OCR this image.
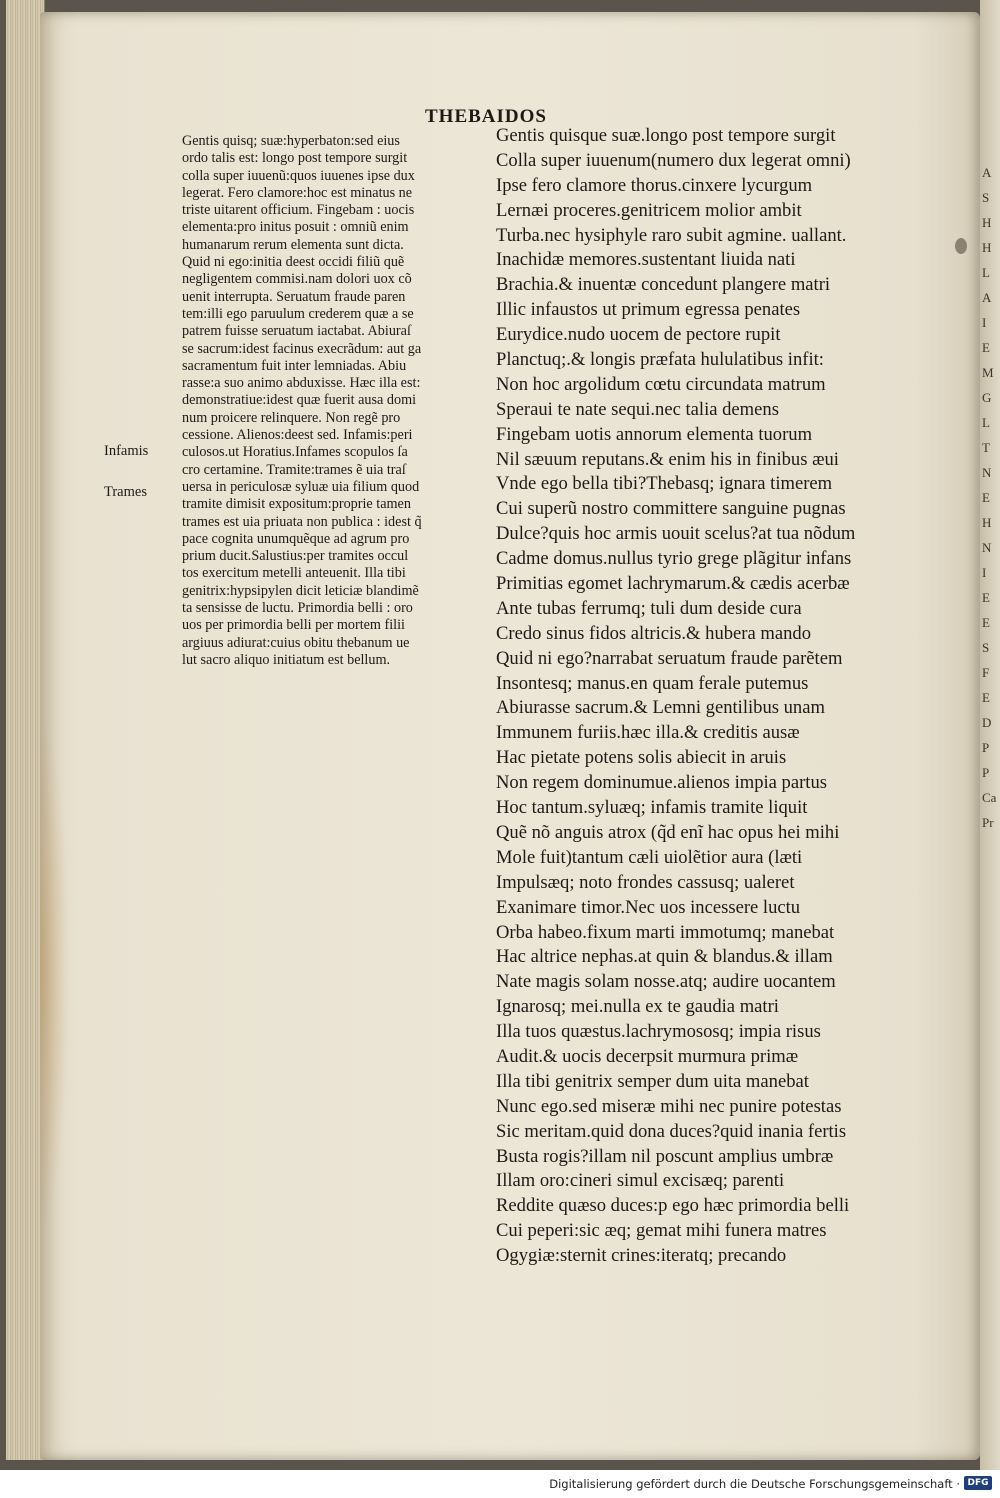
THEBAIDOS
Infamis
Trames
Gentis quisq; suæ:hyperbaton:sed eius
ordo talis est: longo post tempore surgit
colla super iuuenũ:quos iuuenes ipse dux
legerat. Fero clamore:hoc est minatus ne
triste uitarent officium. Fingebam : uocis
elementa:pro initus posuit : omniũ enim
humanarum rerum elementa sunt dicta.
Quid ni ego:initia deest occidi filiũ quẽ
negligentem commisi.nam dolori uox cõ
uenit interrupta. Seruatum fraude paren
tem:illi ego paruulum crederem quæ a se
patrem fuisse seruatum iactabat. Abiuraſ
se sacrum:idest facinus execrãdum: aut ga
sacramentum fuit inter lemniadas. Abiu
rasse:a suo animo abduxisse. Hæc illa est:
demonstratiue:idest quæ fuerit ausa domi
num proicere relinquere. Non regẽ pro
cessione. Alienos:deest sed. Infamis:peri
culosos.ut Horatius.Infames scopulos ſa
cro certamine. Tramite:trames ẽ uia traſ
uersa in periculosæ syluæ uia filium quod
tramite dimisit expositum:proprie tamen
trames est uia priuata non publica : idest q̃
pace cognita unumquẽque ad agrum pro
prium ducit.Salustius:per tramites occul
tos exercitum metelli anteuenit. Illa tibi
genitrix:hypsipylen dicit leticiæ blandimẽ
ta sensisse de luctu. Primordia belli : oro
uos per primordia belli per mortem filii
argiuus adiurat:cuius obitu thebanum ue
lut sacro aliquo initiatum est bellum.
Gentis quisque suæ.longo post tempore surgit
Colla super iuuenum(numero dux legerat omni)
Ipse fero clamore thorus.cinxere lycurgum
Lernæi proceres.genitricem molior ambit
Turba.nec hysiphyle raro subit agmine. uallant.
Inachidæ memores.sustentant liuida nati
Brachia.& inuentæ concedunt plangere matri
Illic infaustos ut primum egressa penates
Eurydice.nudo uocem de pectore rupit
Planctuq;.& longis præfata hululatibus infit:
Non hoc argolidum cœtu circundata matrum
Speraui te nate sequi.nec talia demens
Fingebam uotis annorum elementa tuorum
Nil sæuum reputans.& enim his in finibus æui
Vnde ego bella tibi?Thebasq; ignara timerem
Cui superũ nostro committere sanguine pugnas
Dulce?quis hoc armis uouit scelus?at tua nõdum
Cadme domus.nullus tyrio grege plãgitur infans
Primitias egomet lachrymarum.& cædis acerbæ
Ante tubas ferrumq; tuli dum deside cura
Credo sinus fidos altricis.& hubera mando
Quid ni ego?narrabat seruatum fraude parẽtem
Insontesq; manus.en quam ferale putemus
Abiurasse sacrum.& Lemni gentilibus unam
Immunem furiis.hæc illa.& creditis ausæ
Hac pietate potens solis abiecit in aruis
Non regem dominumue.alienos impia partus
Hoc tantum.syluæq; infamis tramite liquit
Quẽ nõ anguis atrox (q̃d enĩ hac opus hei mihi
Mole fuit)tantum cæli uiolẽtior aura (læti
Impulsæq; noto frondes cassusq; ualeret
Exanimare timor.Nec uos incessere luctu
Orba habeo.fixum marti immotumq; manebat
Hac altrice nephas.at quin & blandus.& illam
Nate magis solam nosse.atq; audire uocantem
Ignarosq; mei.nulla ex te gaudia matri
Illa tuos quæstus.lachrymososq; impia risus
Audit.& uocis decerpsit murmura primæ
Illa tibi genitrix semper dum uita manebat
Nunc ego.sed miseræ mihi nec punire potestas
Sic meritam.quid dona duces?quid inania fertis
Busta rogis?illam nil poscunt amplius umbræ
Illam oro:cineri simul excisæq; parenti
Reddite quæso duces:p ego hæc primordia belli
Cui peperi:sic æq; gemat mihi funera matres
Ogygiæ:sternit crines:iteratq; precando
A
S
H
H
L
A
I
E
M
G
L
T
N
E
H
N
I
E
E
S
F
E
D
P
P
Ca
Pr
Digitalisierung gefördert durch die Deutsche Forschungsgemeinschaft · DFG
